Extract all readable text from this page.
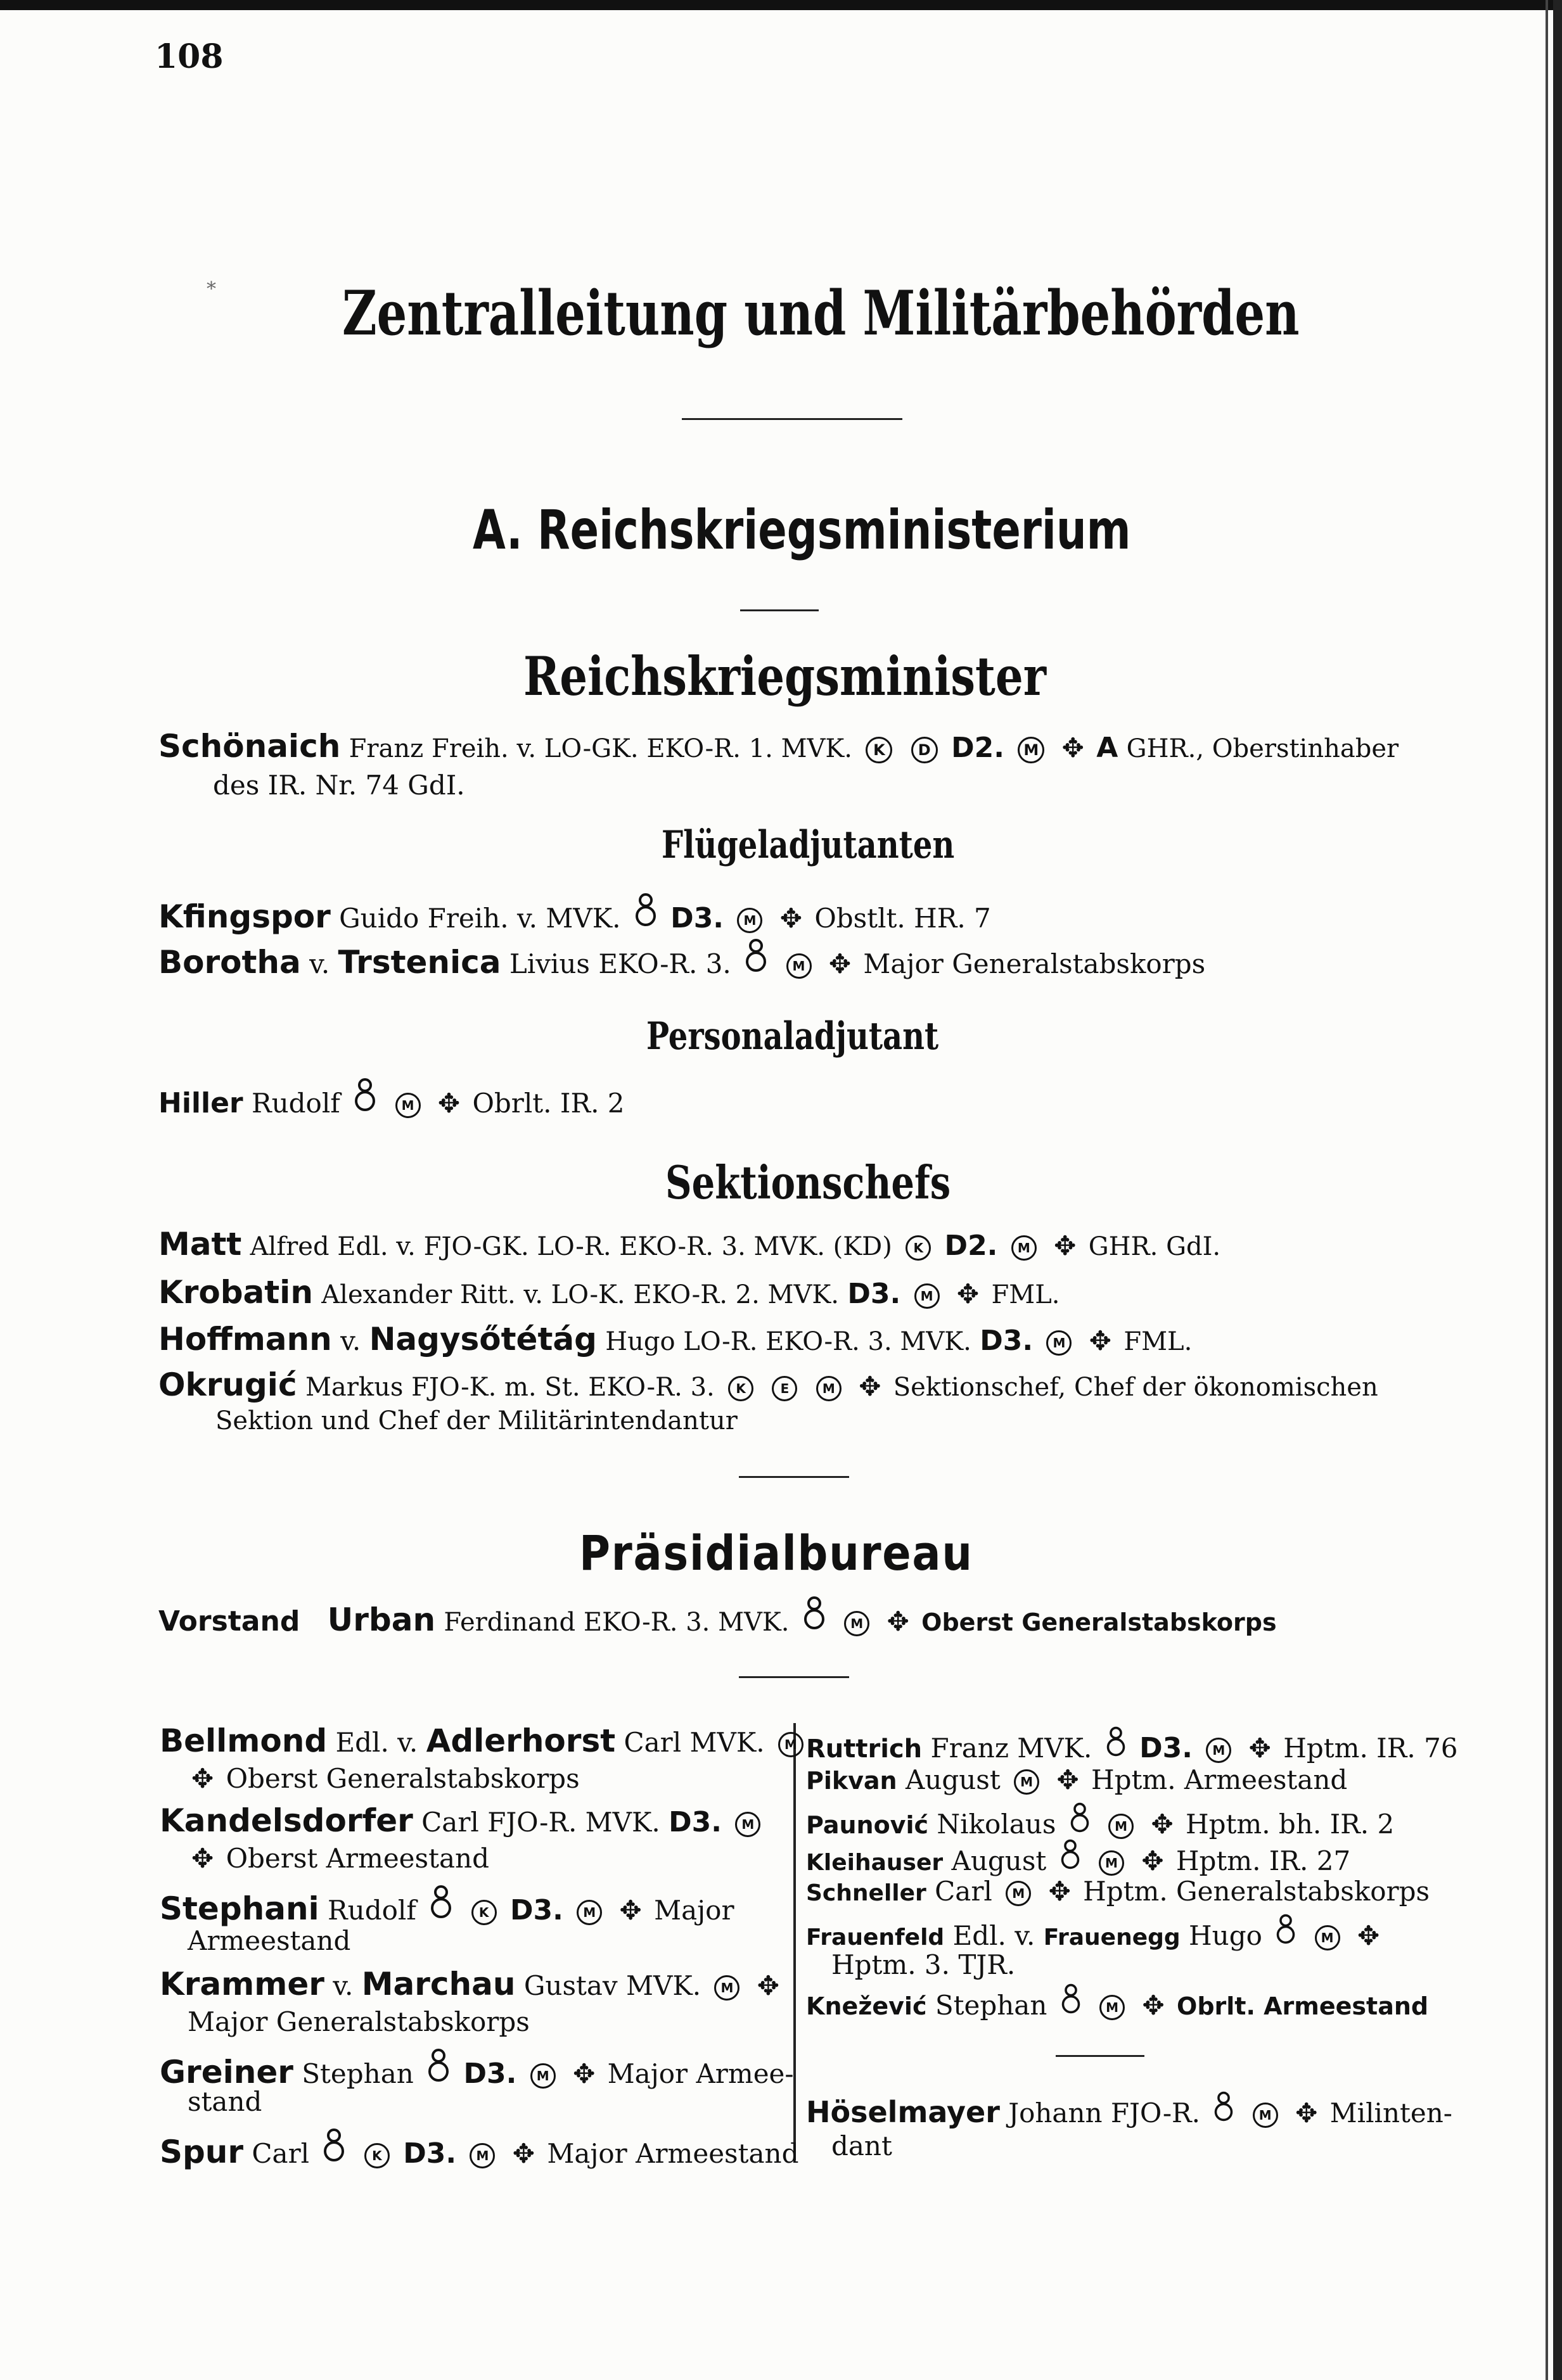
108
* Zentralleitung und Militärbehörden
A. Reichskriegsministerium
Reichskriegsminister
Schönaich Franz Freih. v. LO-GK. EKO-R. 1. MVK. K D D2. M ✥ A GHR., Oberstinhaber
des IR. Nr. 74 GdI.
Flügeladjutanten
Kfingspor Guido Freih. v. MVK. D3. M ✥ Obstlt. HR. 7
Borotha v. Trstenica Livius EKO-R. 3.	M ✥ Major Generalstabskorps
Personaladjutant
Hiller Rudolf	M ✥ Obrlt. IR. 2
Sektionschefs
Matt Alfred Edl. v. FJO-GK. LO-R. EKO-R. 3. MVK. (KD) K D2. M ✥ GHR. GdI.
Krobatin Alexander Ritt. v. LO-K. EKO-R. 2. MVK. D3. M ✥ FML.
Hoffmann v. Nagysőtétág Hugo LO-R. EKO-R. 3. MVK. D3. M ✥ FML.
Okrugić Markus FJO-K. m. St. EKO-R. 3. K	E	M ✥ Sektionschef, Chef der ökonomischen
Sektion und Chef der Militärintendantur
Präsidialbureau
Vorstand Urban Ferdinand EKO-R. 3. MVK.	M ✥ Oberst Generalstabskorps
Bellmond Edl. v. Adlerhorst Carl MVK. M
✥ Oberst Generalstabskorps
Kandelsdorfer Carl FJO-R. MVK. D3. M
✥ Oberst Armeestand
Stephani Rudolf	K D3. M ✥ Major
Armeestand
Krammer v. Marchau Gustav MVK. M ✥
Major Generalstabskorps
Greiner Stephan D3. M ✥ Major Armee-
stand
Spur Carl	K D3. M ✥ Major Armeestand
Ruttrich Franz MVK. D3. M ✥ Hptm. IR. 76
Pikvan August M ✥ Hptm. Armeestand
Paunović Nikolaus	M ✥ Hptm. bh. IR. 2
Kleihauser August	M ✥ Hptm. IR. 27
Schneller Carl M ✥ Hptm. Generalstabskorps
Frauenfeld Edl. v. Frauenegg Hugo	M ✥
Hptm. 3. TJR.
Knežević Stephan	M ✥ Obrlt. Armeestand
Höselmayer Johann FJO-R.	M ✥ Milinten-
dant
